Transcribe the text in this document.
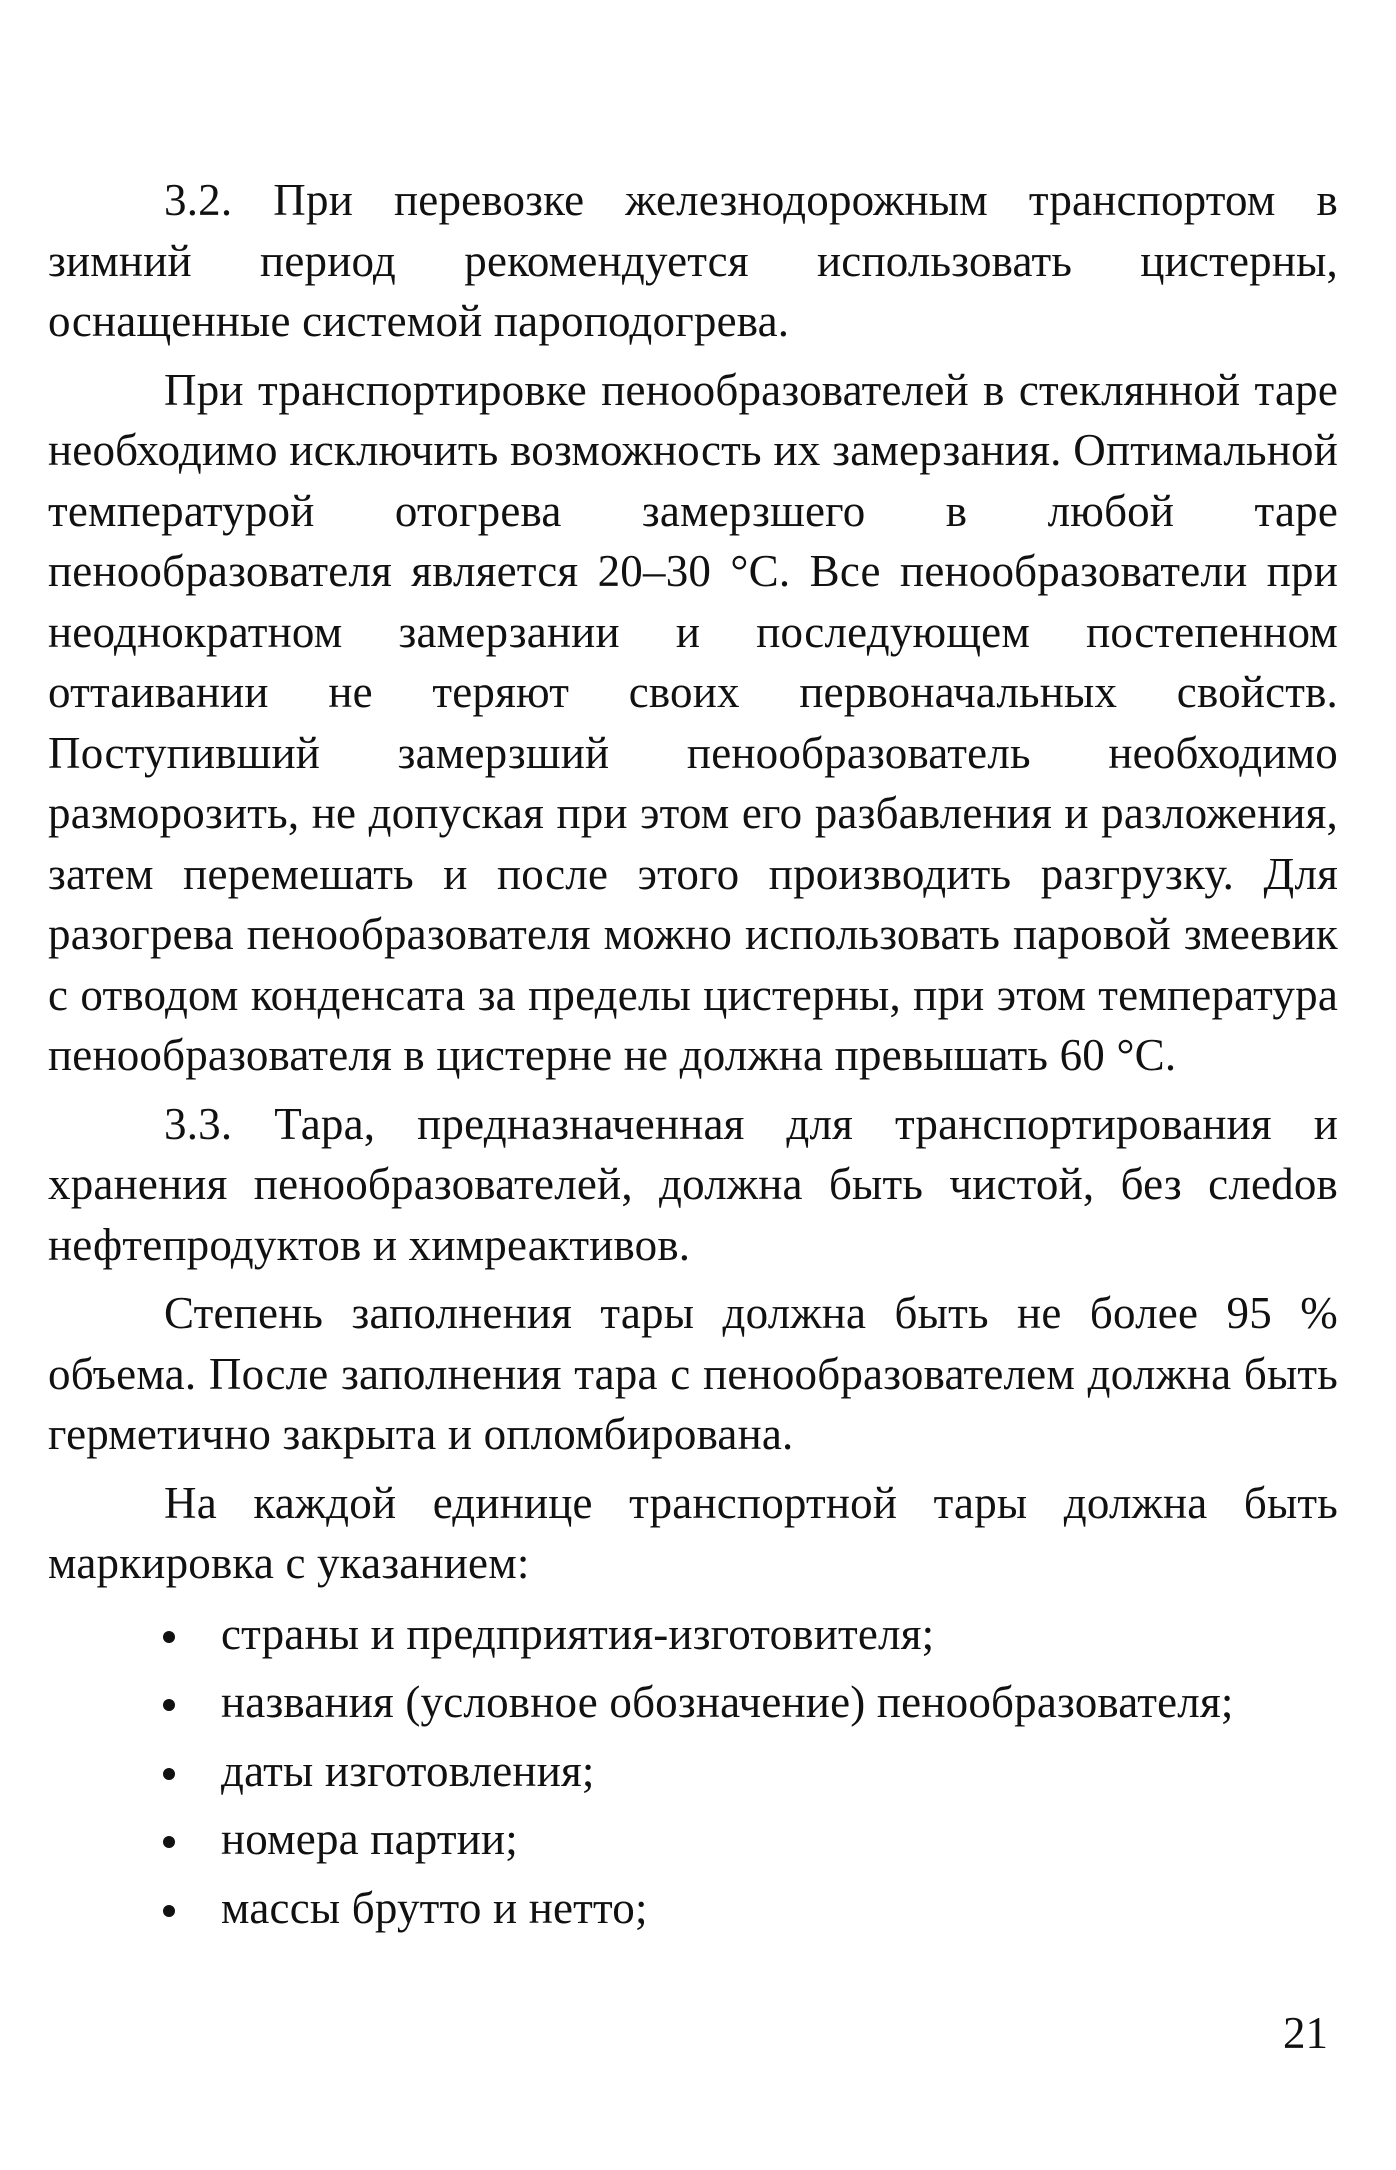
3.2. При перевозке железнодорожным транспортом в зимний период рекомендуется использовать цистерны, оснащенные системой пароподогрева.

При транспортировке пенообразователей в стеклянной таре необходимо исключить возможность их замерзания. Оптимальной температурой отогрева замерзшего в любой таре пенообразователя является 20–30 °С. Все пенообразователи при неоднократном замерзании и последующем постепенном оттаивании не теряют своих первоначальных свойств. Поступивший замерзший пенообразователь необходимо разморозить, не допуская при этом его разбавления и разложения, затем перемешать и после этого производить разгрузку. Для разогрева пенообразователя можно использовать паровой змеевик с отводом конденсата за пределы цистерны, при этом температура пенообразователя в цистерне не должна превышать 60 °С.

3.3. Тара, предназначенная для транспортирования и хранения пенообразователей, должна быть чистой, без слеdов нефтепродуктов и химреактивов.

Степень заполнения тары должна быть не более 95 % объема. После заполнения тара с пенообразователем должна быть герметично закрыта и опломбирована.

На каждой единице транспортной тары должна быть маркировка с указанием:

страны и предприятия-изготовителя;
названия (условное обозначение) пенообразователя;
даты изготовления;
номера партии;
массы брутто и нетто;
21
